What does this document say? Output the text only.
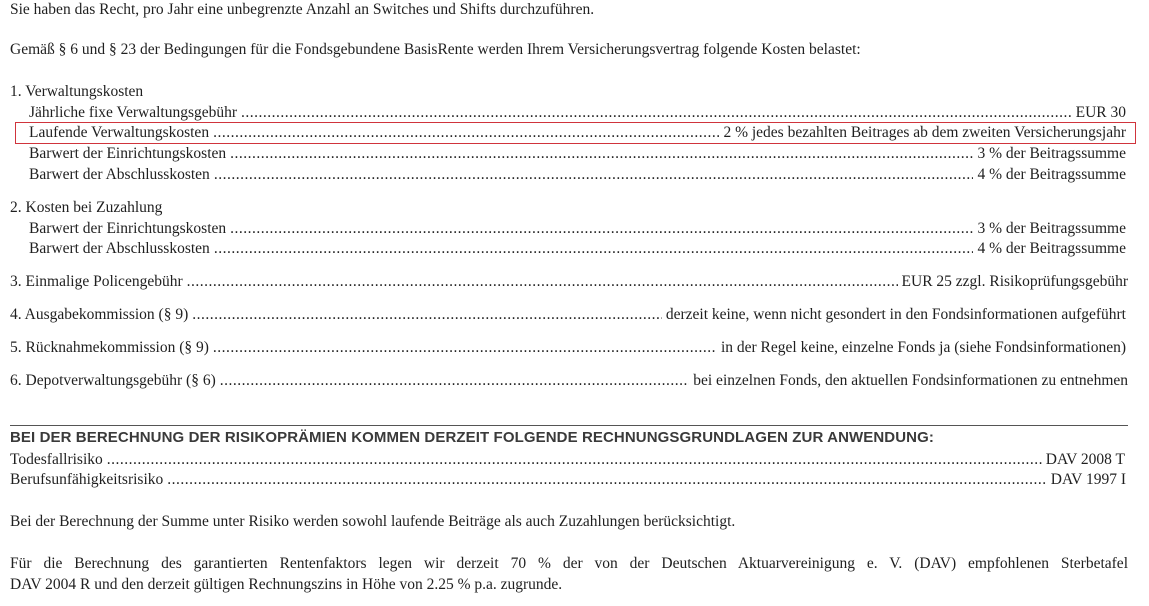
Sie haben das Recht, pro Jahr eine unbegrenzte Anzahl an Switches und Shifts durchzuführen.
Gemäß § 6 und § 23 der Bedingungen für die Fondsgebundene BasisRente werden Ihrem Versicherungsvertrag folgende Kosten belastet:
1. Verwaltungskosten
Jährliche fixe Verwaltungsgebühr .....	EUR 30
Laufende Verwaltungskosten .....	2 % jedes bezahlten Beitrages ab dem zweiten Versicherungsjahr
Barwert der Einrichtungskosten .....	3 % der Beitragssumme
Barwert der Abschlusskosten .....	4 % der Beitragssumme
2. Kosten bei Zuzahlung
Barwert der Einrichtungskosten .....	3 % der Beitragssumme
Barwert der Abschlusskosten .....	4 % der Beitragssumme
3. Einmalige Policengebühr .....	EUR 25 zzgl. Risikoprüfungsgebühr
4. Ausgabekommission (§ 9) .....	derzeit keine, wenn nicht gesondert in den Fondsinformationen aufgeführt
5. Rücknahmekommission (§ 9) .....	in der Regel keine, einzelne Fonds ja (siehe Fondsinformationen)
6. Depotverwaltungsgebühr (§ 6) .....	bei einzelnen Fonds, den aktuellen Fondsinformationen zu entnehmen
BEI DER BERECHNUNG DER RISIKOPRÄMIEN KOMMEN DERZEIT FOLGENDE RECHNUNGSGRUNDLAGEN ZUR ANWENDUNG:
Todesfallrisiko .....	DAV 2008 T
Berufsunfähigkeitsrisiko .....	DAV 1997 I
Bei der Berechnung der Summe unter Risiko werden sowohl laufende Beiträge als auch Zuzahlungen berücksichtigt.
Für die Berechnung des garantierten Rentenfaktors legen wir derzeit 70 % der von der Deutschen Aktuarvereinigung e. V. (DAV) empfohlenen Sterbetafel
DAV 2004 R und den derzeit gültigen Rechnungszins in Höhe von 2.25 % p.a. zugrunde.
